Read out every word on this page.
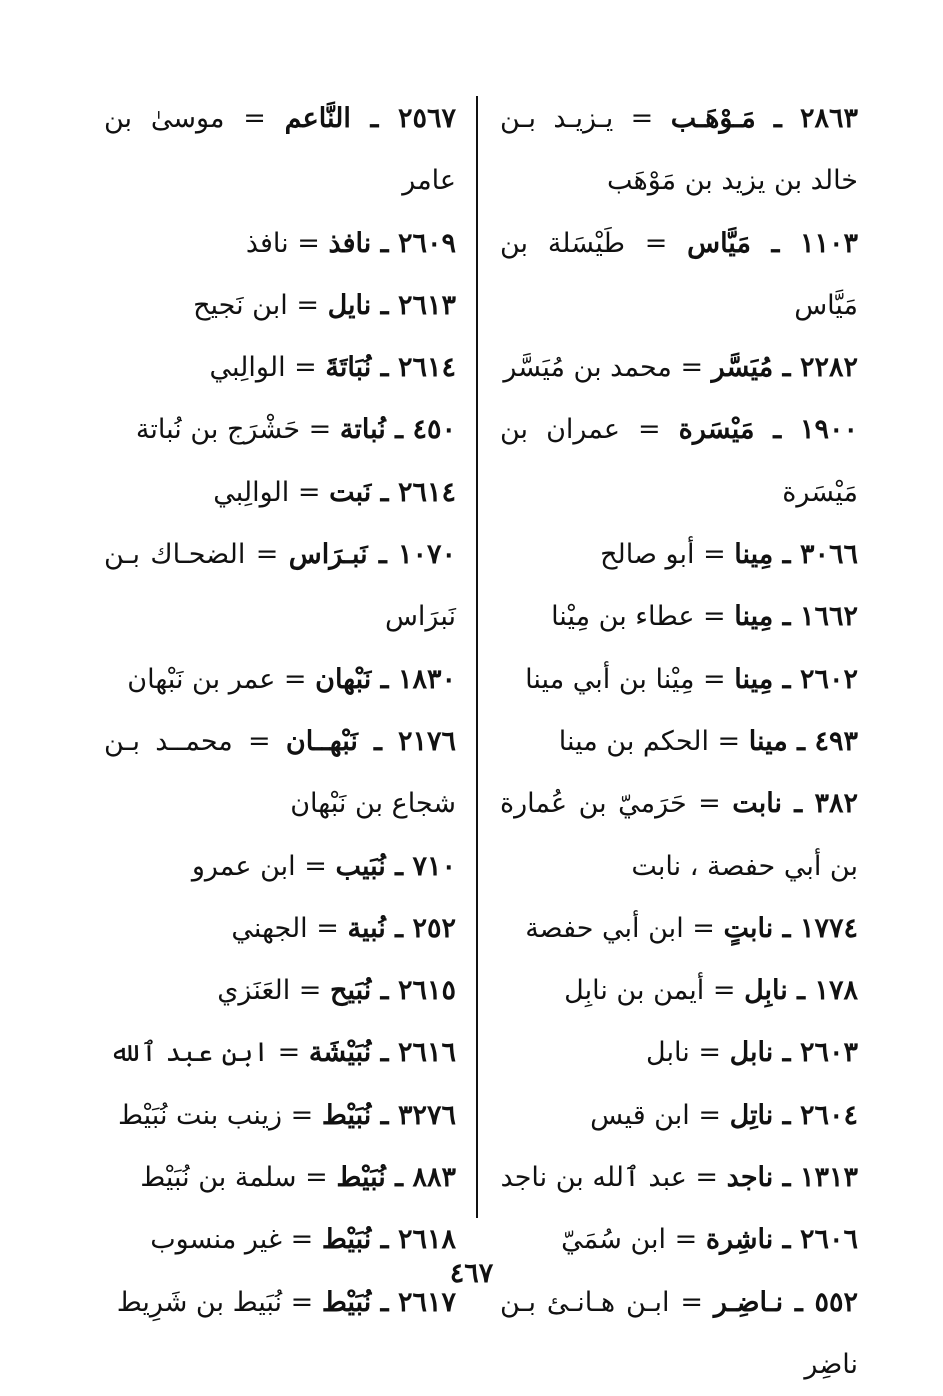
٢٨٦٣ ـ مَـوْهَـب = يـزيـد بـن خالد بن يزيد بن مَوْهَب

١١٠٣ ـ مَيَّاس = طَيْسَلة بن مَيَّاس

٢٢٨٢ ـ مُيَسَّر = محمد بن مُيَسَّر

١٩٠٠ ـ مَيْسَرة = عمران بن مَيْسَرة

٣٠٦٦ ـ مِينا = أبو صالح

١٦٦٢ ـ مِينا = عطاء بن مِيْنا

٢٦٠٢ ـ مِينا = مِيْنا بن أبي مينا

٤٩٣ ـ مينا = الحكم بن مينا

٣٨٢ ـ نابت = حَرَميّ بن عُمارة بن أبي حفصة ، نابت

١٧٧٤ ـ نابتٍ = ابن أبي حفصة

١٧٨ ـ نابِل = أيمن بن نابِل

٢٦٠٣ ـ نابل = نابل

٢٦٠٤ ـ ناتِل = ابن قيس

١٣١٣ ـ ناجد = عبد ٱلله بن ناجد

٢٦٠٦ ـ ناشِرة = ابن سُمَيّ

٥٥٢ ـ نـاضِـر = ابـن هـانـئ بـن ناضِر

٢٥٦٧ ـ النَّاعم = موسىٰ بن عامر

٢٦٠٩ ـ نافذ = نافذ

٢٦١٣ ـ نايل = ابن نَجيح

٢٦١٤ ـ نُبَاتَةَ = الوالِبي

٤٥٠ ـ نُباتة = حَشْرَج بن نُباتة

٢٦١٤ ـ نَبت = الوالِبي

١٠٧٠ ـ نَبـرَاس = الضحـاك بـن نَبرَاس

١٨٣٠ ـ نَبْهان = عمر بن نَبْهان

٢١٧٦ ـ نَبْهــان = محمــد بـن شجاع بن نَبْهان

٧١٠ ـ نُبَيب = ابن عمرو

٢٥٢ ـ نُبية = الجهني

٢٦١٥ ـ نُبَيح = العَنَزي

٢٦١٦ ـ نُبَيْشَة = ابن عبد ٱلله

٣٢٧٦ ـ نُبَيْط = زينب بنت نُبَيْط

٨٨٣ ـ نُبَيْط = سلمة بن نُبَيْط

٢٦١٨ ـ نُبَيْط = غير منسوب

٢٦١٧ ـ نُبَيْط = نُبَيط بن شَرِيط

٤٦٧
